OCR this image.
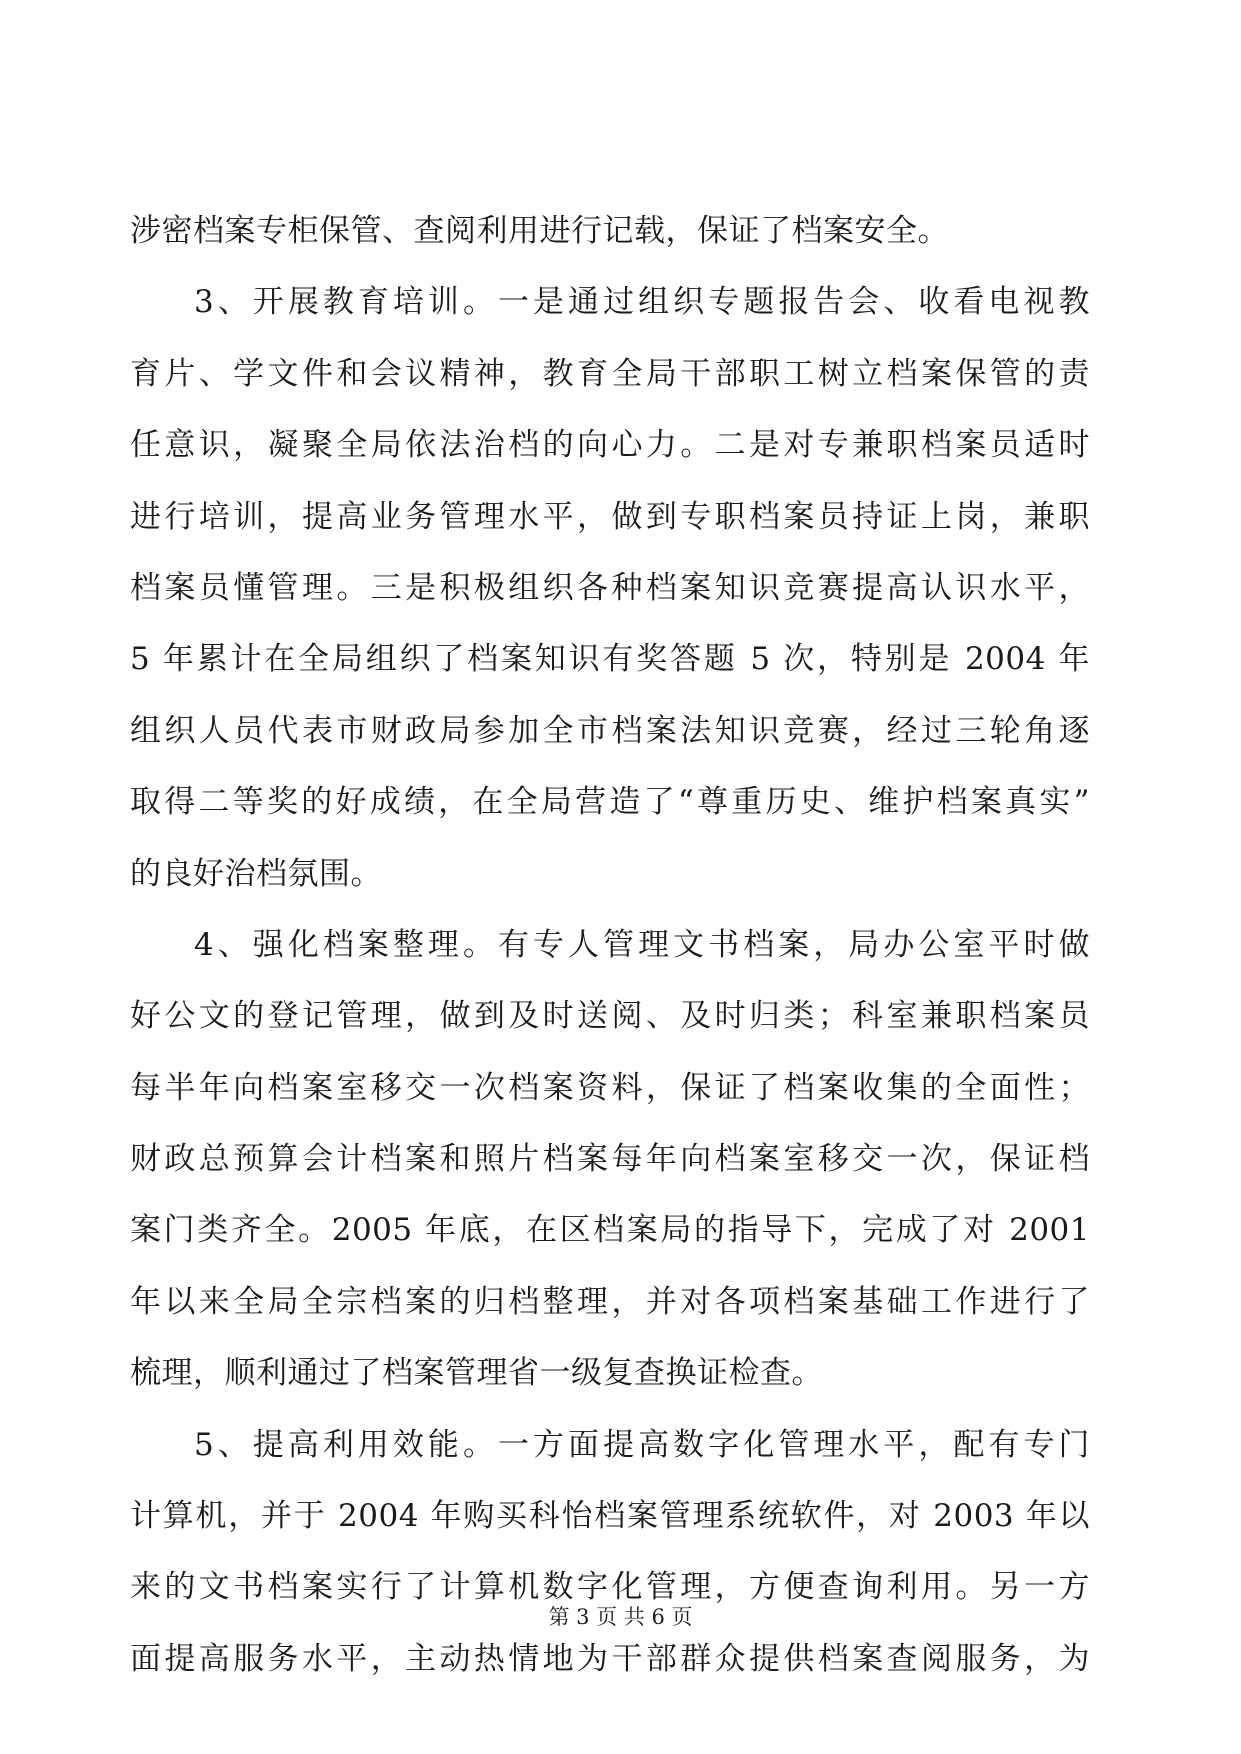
涉密档案专柜保管、查阅利用进行记载，保证了档案安全。
3、开展教育培训。一是通过组织专题报告会、收看电视教
育片、学文件和会议精神，教育全局干部职工树立档案保管的责
任意识，凝聚全局依法治档的向心力。二是对专兼职档案员适时
进行培训，提高业务管理水平，做到专职档案员持证上岗，兼职
档案员懂管理。三是积极组织各种档案知识竞赛提高认识水平，
5 年累计在全局组织了档案知识有奖答题 5 次，特别是 2004 年
组织人员代表市财政局参加全市档案法知识竞赛，经过三轮角逐
取得二等奖的好成绩，在全局营造了“尊重历史、维护档案真实”
的良好治档氛围。
4、强化档案整理。有专人管理文书档案，局办公室平时做
好公文的登记管理，做到及时送阅、及时归类；科室兼职档案员
每半年向档案室移交一次档案资料，保证了档案收集的全面性；
财政总预算会计档案和照片档案每年向档案室移交一次，保证档
案门类齐全。2005 年底，在区档案局的指导下，完成了对 2001
年以来全局全宗档案的归档整理，并对各项档案基础工作进行了
梳理，顺利通过了档案管理省一级复查换证检查。
5、提高利用效能。一方面提高数字化管理水平，配有专门
计算机，并于 2004 年购买科怡档案管理系统软件，对 2003 年以
来的文书档案实行了计算机数字化管理，方便查询利用。另一方
面提高服务水平，主动热情地为干部群众提供档案查阅服务，为
第 3 页 共 6 页
